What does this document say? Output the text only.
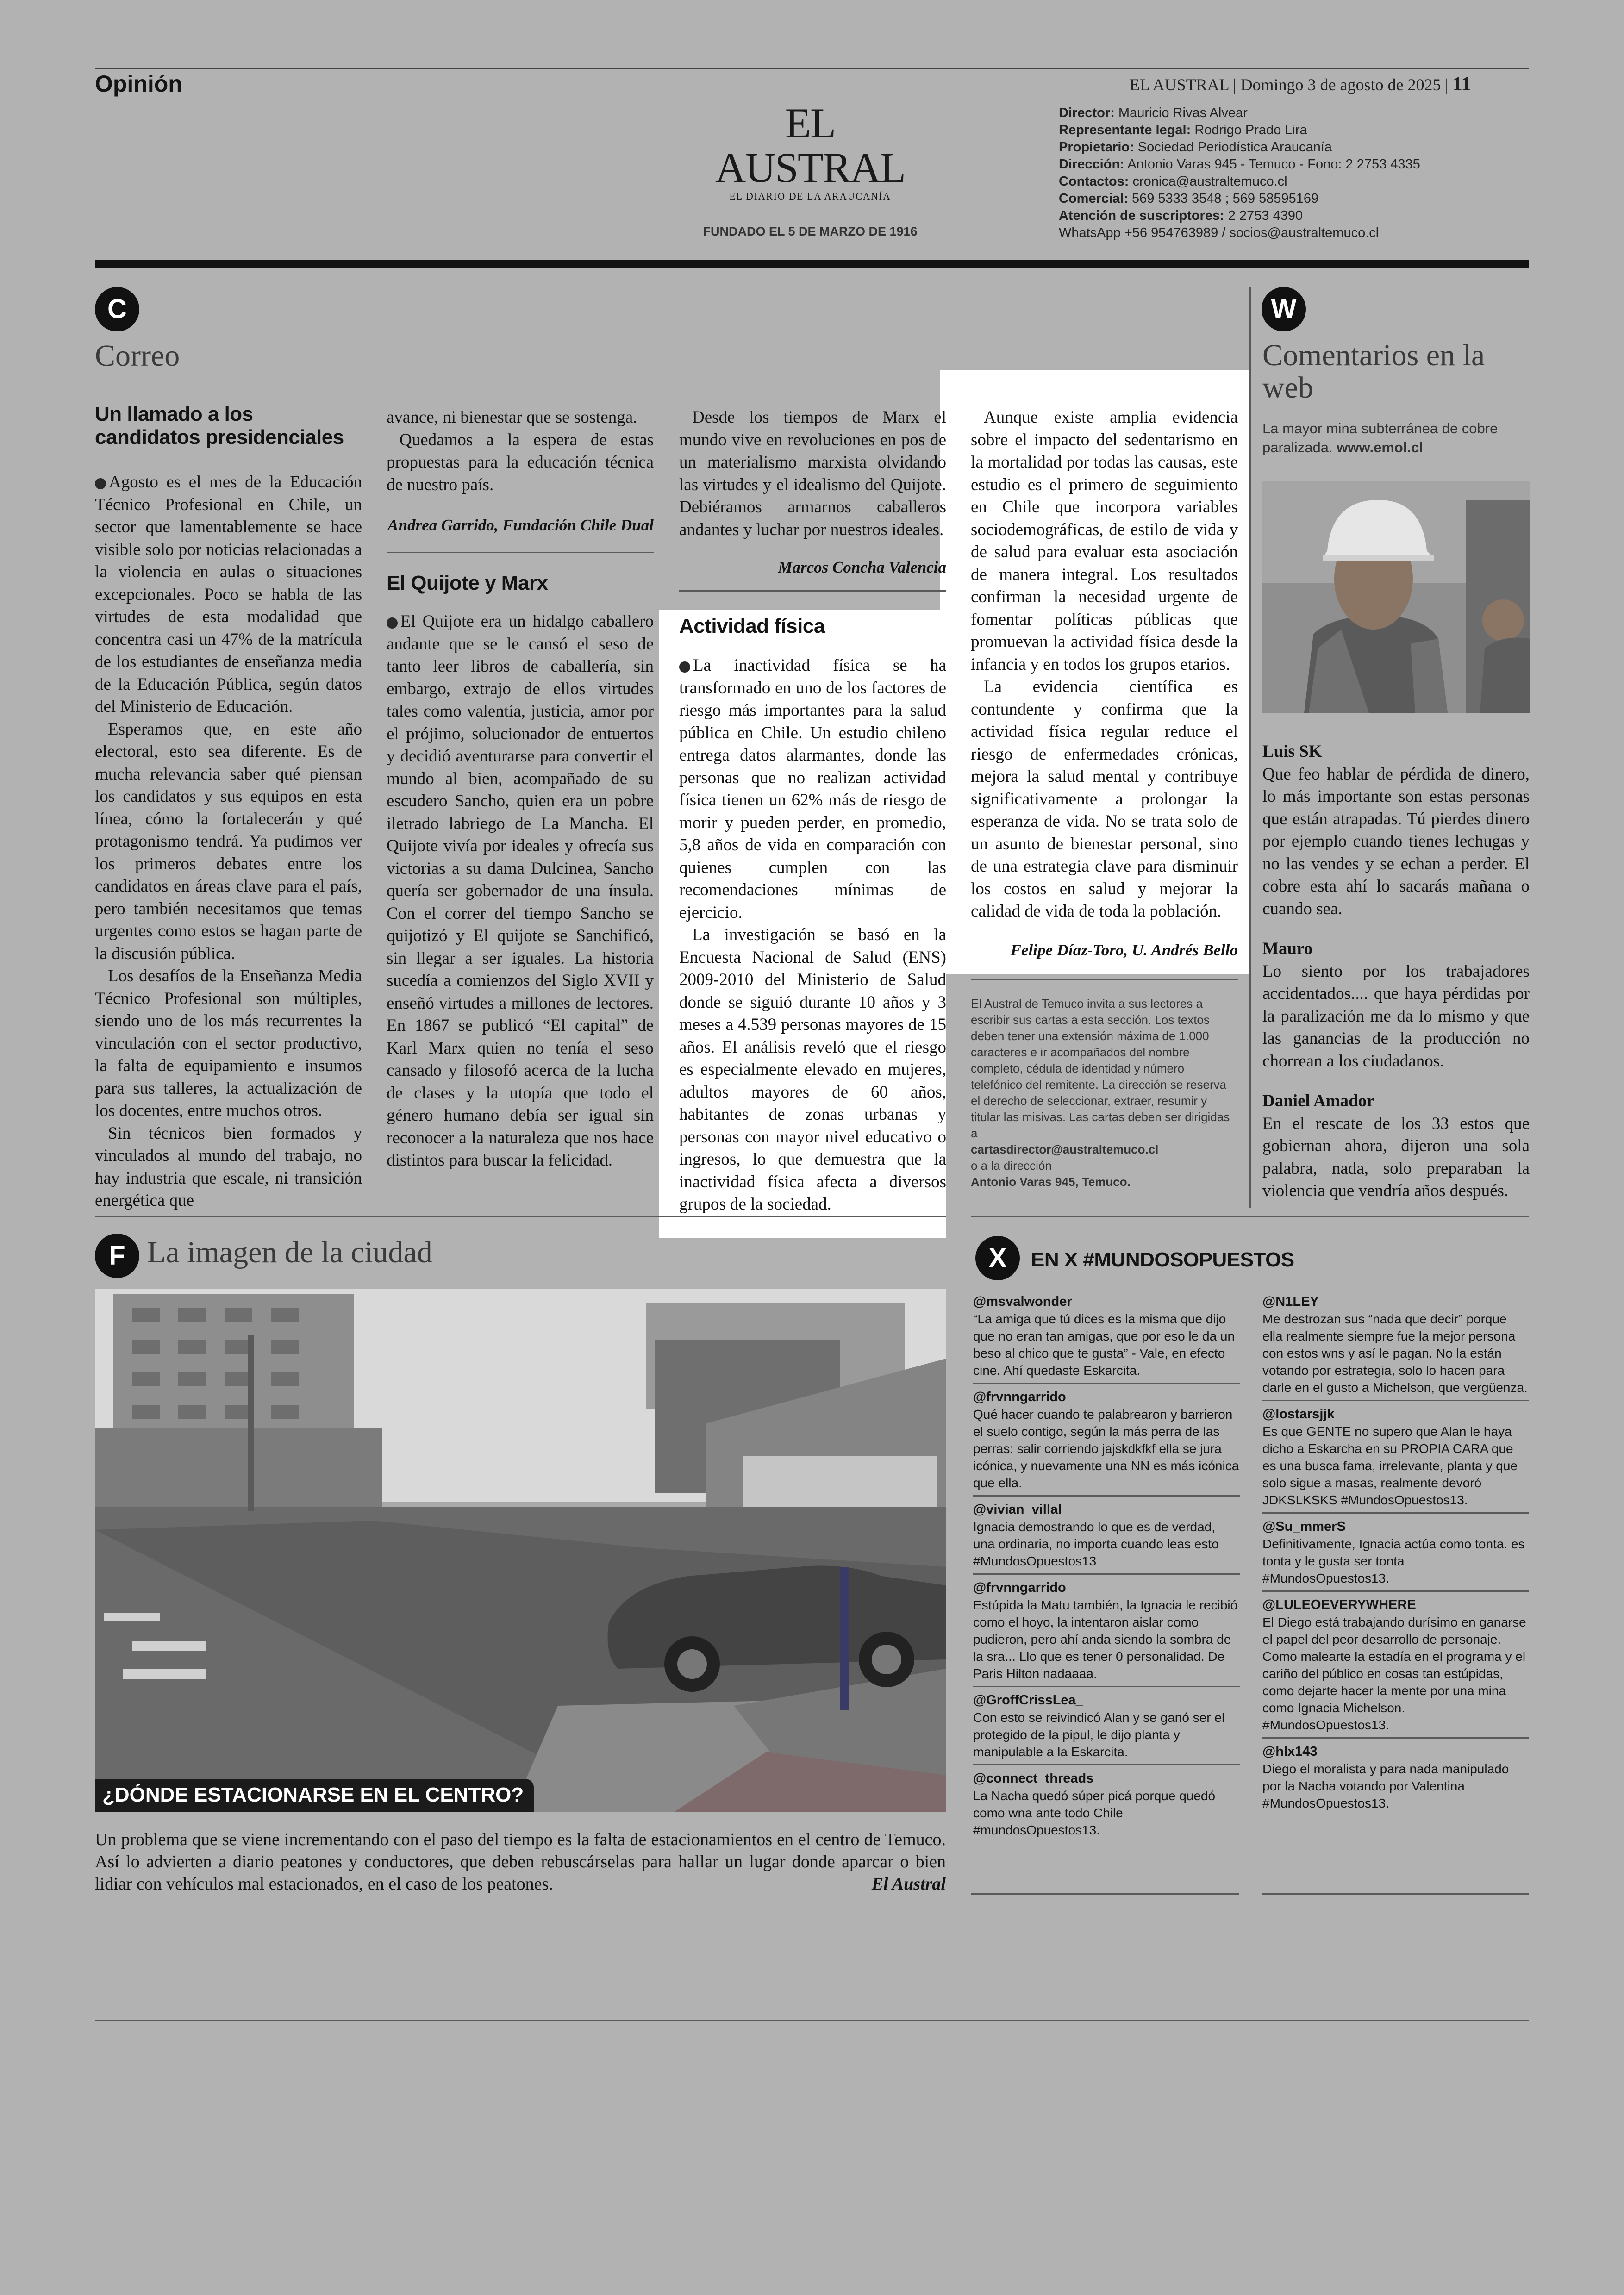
Opinión	EL AUSTRAL | Domingo 3 de agosto de 2025 | 11
EL AUSTRAL
EL DIARIO DE LA ARAUCANÍA
FUNDADO EL 5 DE MARZO DE 1916
Director: Mauricio Rivas Alvear
Representante legal: Rodrigo Prado Lira
Propietario: Sociedad Periodística Araucanía
Dirección: Antonio Varas 945 - Temuco - Fono: 2 2753 4335
Contactos: cronica@australtemuco.cl
Comercial: 569 5333 3548 ; 569 58595169
Atención de suscriptores: 2 2753 4390
WhatsApp +56 954763989 / socios@australtemuco.cl
C
Correo
Un llamado a los candidatos presidenciales

Agosto es el mes de la Educación Técnico Profesional en Chile, un sector que lamentablemente se hace visible solo por noticias relacionadas a la violencia en aulas o situaciones excepcionales. Poco se habla de las virtudes de esta modalidad que concentra casi un 47% de la matrícula de los estudiantes de enseñanza media de la Educación Pública, según datos del Ministerio de Educación.

Esperamos que, en este año electoral, esto sea diferente. Es de mucha relevancia saber qué piensan los candidatos y sus equipos en esta línea, cómo la fortalecerán y qué protagonismo tendrá. Ya pudimos ver los primeros debates entre los candidatos en áreas clave para el país, pero también necesitamos que temas urgentes como estos se hagan parte de la discusión pública.

Los desafíos de la Enseñanza Media Técnico Profesional son múltiples, siendo uno de los más recurrentes la vinculación con el sector productivo, la falta de equipamiento e insumos para sus talleres, la actualización de los docentes, entre muchos otros.

Sin técnicos bien formados y vinculados al mundo del trabajo, no hay industria que escale, ni transición energética que

avance, ni bienestar que se sostenga.

Quedamos a la espera de estas propuestas para la educación técnica de nuestro país.

Andrea Garrido, Fundación Chile Dual
El Quijote y Marx

El Quijote era un hidalgo caballero andante que se le cansó el seso de tanto leer libros de caballería, sin embargo, extrajo de ellos virtudes tales como valentía, justicia, amor por el prójimo, solucionador de entuertos y decidió aventurarse para convertir el mundo al bien, acompañado de su escudero Sancho, quien era un pobre iletrado labriego de La Mancha. El Quijote vivía por ideales y ofrecía sus victorias a su dama Dulcinea, Sancho quería ser gobernador de una ínsula. Con el correr del tiempo Sancho se quijotizó y El quijote se Sanchificó, sin llegar a ser iguales. La historia sucedía a comienzos del Siglo XVII y enseñó virtudes a millones de lectores. En 1867 se publicó “El capital” de Karl Marx quien no tenía el seso cansado y filosofó acerca de la lucha de clases y la utopía que todo el género humano debía ser igual sin reconocer a la naturaleza que nos hace distintos para buscar la felicidad.

Desde los tiempos de Marx el mundo vive en revoluciones en pos de un materialismo marxista olvidando las virtudes y el idealismo del Quijote. Debiéramos armarnos caballeros andantes y luchar por nuestros ideales.

Marcos Concha Valencia
Actividad física

La inactividad física se ha transformado en uno de los factores de riesgo más importantes para la salud pública en Chile. Un estudio chileno entrega datos alarmantes, donde las personas que no realizan actividad física tienen un 62% más de riesgo de morir y pueden perder, en promedio, 5,8 años de vida en comparación con quienes cumplen con las recomendaciones mínimas de ejercicio.

La investigación se basó en la Encuesta Nacional de Salud (ENS) 2009-2010 del Ministerio de Salud donde se siguió durante 10 años y 3 meses a 4.539 personas mayores de 15 años. El análisis reveló que el riesgo es especialmente elevado en mujeres, adultos mayores de 60 años, habitantes de zonas urbanas y personas con mayor nivel educativo o ingresos, lo que demuestra que la inactividad física afecta a diversos grupos de la sociedad.

Aunque existe amplia evidencia sobre el impacto del sedentarismo en la mortalidad por todas las causas, este estudio es el primero de seguimiento en Chile que incorpora variables sociodemográficas, de estilo de vida y de salud para evaluar esta asociación de manera integral. Los resultados confirman la necesidad urgente de fomentar políticas públicas que promuevan la actividad física desde la infancia y en todos los grupos etarios.

La evidencia científica es contundente y confirma que la actividad física regular reduce el riesgo de enfermedades crónicas, mejora la salud mental y contribuye significativamente a prolongar la esperanza de vida. No se trata solo de un asunto de bienestar personal, sino de una estrategia clave para disminuir los costos en salud y mejorar la calidad de vida de toda la población.

Felipe Díaz-Toro, U. Andrés Bello
El Austral de Temuco invita a sus lectores a escribir sus cartas a esta sección. Los textos deben tener una extensión máxima de 1.000 caracteres e ir acompañados del nombre completo, cédula de identidad y número telefónico del remitente. La dirección se reserva el derecho de seleccionar, extraer, resumir y titular las misivas. Las cartas deben ser dirigidas a
cartasdirector@australtemuco.cl
o a la dirección
Antonio Varas 945, Temuco.
W
Comentarios en la web
La mayor mina subterránea de cobre paralizada. www.emol.cl
Luis SK
Que feo hablar de pérdida de dinero, lo más importante son estas personas que están atrapadas. Tú pierdes dinero por ejemplo cuando tienes lechugas y no las vendes y se echan a perder. El cobre esta ahí lo sacarás mañana o cuando sea.
Mauro
Lo siento por los trabajadores accidentados.... que haya pérdidas por la paralización me da lo mismo y que las ganancias de la producción no chorrean a los ciudadanos.
Daniel Amador
En el rescate de los 33 estos que gobiernan ahora, dijeron una sola palabra, nada, solo preparaban la violencia que vendría años después.
F La imagen de la ciudad
¿DÓNDE ESTACIONARSE EN EL CENTRO?
Un problema que se viene incrementando con el paso del tiempo es la falta de estacionamientos en el centro de Temuco. Así lo advierten a diario peatones y conductores, que deben rebuscárselas para hallar un lugar donde aparcar o bien lidiar con vehículos mal estacionados, en el caso de los peatones.	El Austral
X	EN X #MUNDOSOPUESTOS
@msvalwonder
“La amiga que tú dices es la misma que dijo que no eran tan amigas, que por eso le da un beso al chico que te gusta” - Vale, en efecto cine. Ahí quedaste Eskarcita.
@frvnngarrido
Qué hacer cuando te palabrearon y barrieron el suelo contigo, según la más perra de las perras: salir corriendo jajskdkfkf ella se jura icónica, y nuevamente una NN es más icónica que ella.
@vivian_villal
Ignacia demostrando lo que es de verdad, una ordinaria, no importa cuando leas esto #MundosOpuestos13
@frvnngarrido
Estúpida la Matu también, la Ignacia le recibió como el hoyo, la intentaron aislar como pudieron, pero ahí anda siendo la sombra de la sra... Llo que es tener 0 personalidad. De Paris Hilton nadaaaa.
@GroffCrissLea_
Con esto se reivindicó Alan y se ganó ser el protegido de la pipul, le dijo planta y manipulable a la Eskarcita.
@connect_threads
La Nacha quedó súper picá porque quedó como wna ante todo Chile #mundosOpuestos13.
@N1LEY
Me destrozan sus “nada que decir” porque ella realmente siempre fue la mejor persona con estos wns y así le pagan. No la están votando por estrategia, solo lo hacen para darle en el gusto a Michelson, que vergüenza.
@lostarsjjk
Es que GENTE no supero que Alan le haya dicho a Eskarcha en su PROPIA CARA que es una busca fama, irrelevante, planta y que solo sigue a masas, realmente devoró JDKSLKSKS #MundosOpuestos13.
@Su_mmerS
Definitivamente, Ignacia actúa como tonta. es tonta y le gusta ser tonta #MundosOpuestos13.
@LULEOEVERYWHERE
El Diego está trabajando durísimo en ganarse el papel del peor desarrollo de personaje. Como malearte la estadía en el programa y el cariño del público en cosas tan estúpidas, como dejarte hacer la mente por una mina como Ignacia Michelson. #MundosOpuestos13.
@hlx143
Diego el moralista y para nada manipulado por la Nacha votando por Valentina #MundosOpuestos13.
